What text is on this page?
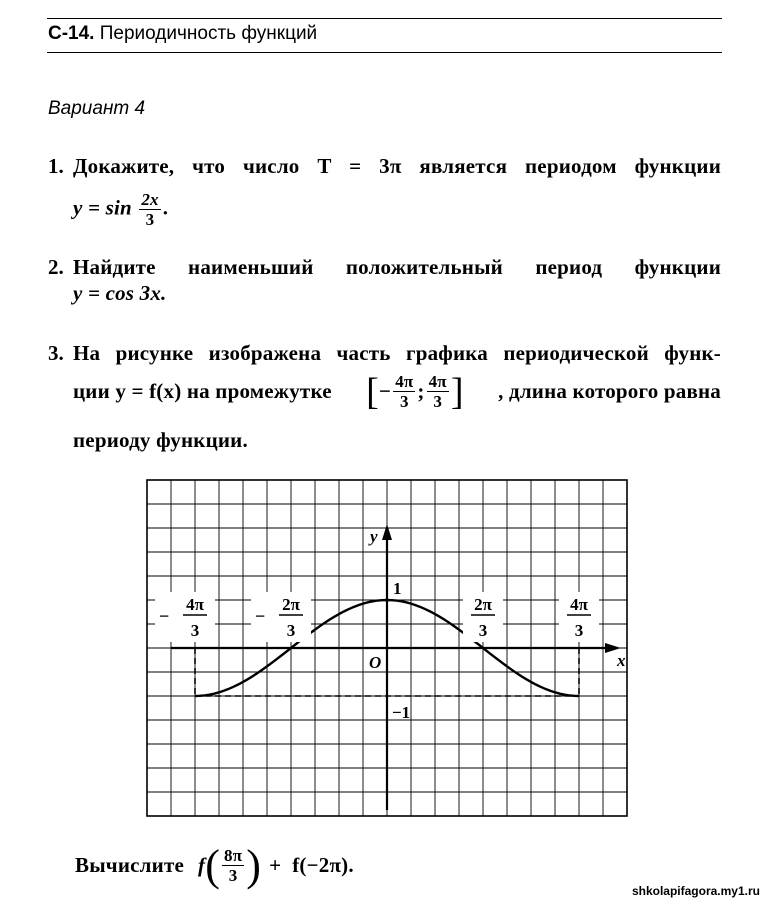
С-14. Периодичность функций
Вариант 4
1. Докажите, что число T = 3π является периодом функции
$y = \sin \frac{2x}{3}$ .
2. Найдите наименьший положительный период функции
y = cos 3x.
3. На рисунке изображена часть графика периодической функ-
ции y = f(x) на промежутке [ − $\frac{4\pi}{3}$ ; $\frac{4\pi}{3}$ ] , длина которого равна
периоду функции.
y
x
O
1
−1
−
4π
3
−
2π
3
2π
3
4π
3
Вычислите f ( $\frac{8\pi}{3}$ ) +  f(−2π).
shkolapifagora.my1.ru
